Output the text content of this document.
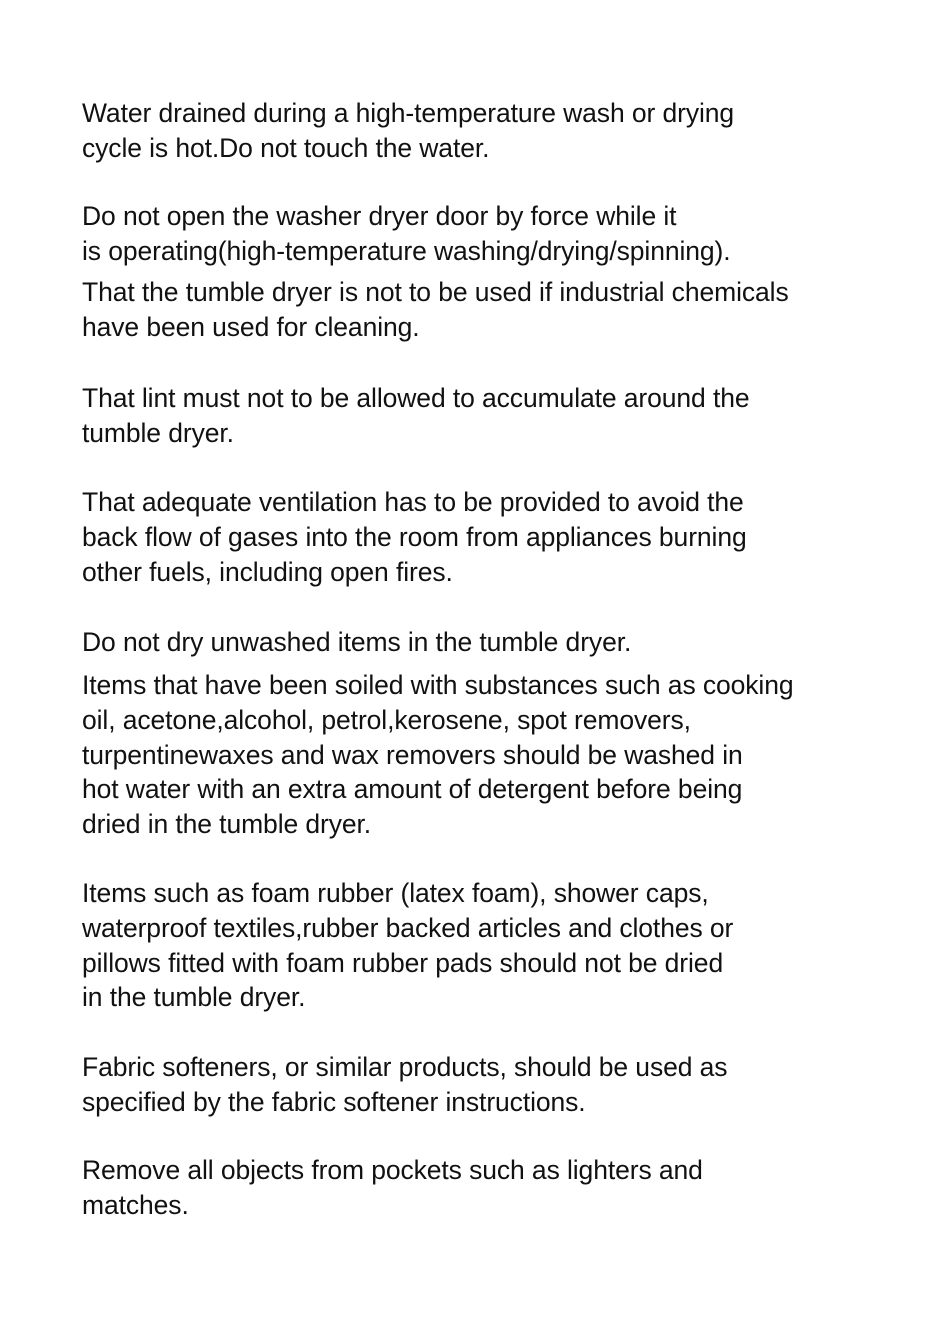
Water drained during a high-temperature wash or drying
cycle is hot.Do not touch the water.

Do not open the washer dryer door by force while it
is operating(high-temperature washing/drying/spinning).

That the tumble dryer is not to be used if industrial chemicals
have been used for cleaning.

That lint must not to be allowed to accumulate around the
tumble dryer.

That adequate ventilation has to be provided to avoid the
back flow of gases into the room from appliances burning
other fuels, including open fires.

Do not dry unwashed items in the tumble dryer.

Items that have been soiled with substances such as cooking
oil, acetone,alcohol, petrol,kerosene, spot removers,
turpentinewaxes and wax removers should be washed in
hot water with an extra amount of detergent before being
dried in the tumble dryer.

Items such as foam rubber (latex foam), shower caps,
waterproof textiles,rubber backed articles and clothes or
pillows fitted with foam rubber pads should not be dried
in the tumble dryer.

Fabric softeners, or similar products, should be used as
specified by the fabric softener instructions.

Remove all objects from pockets such as lighters and
matches.
